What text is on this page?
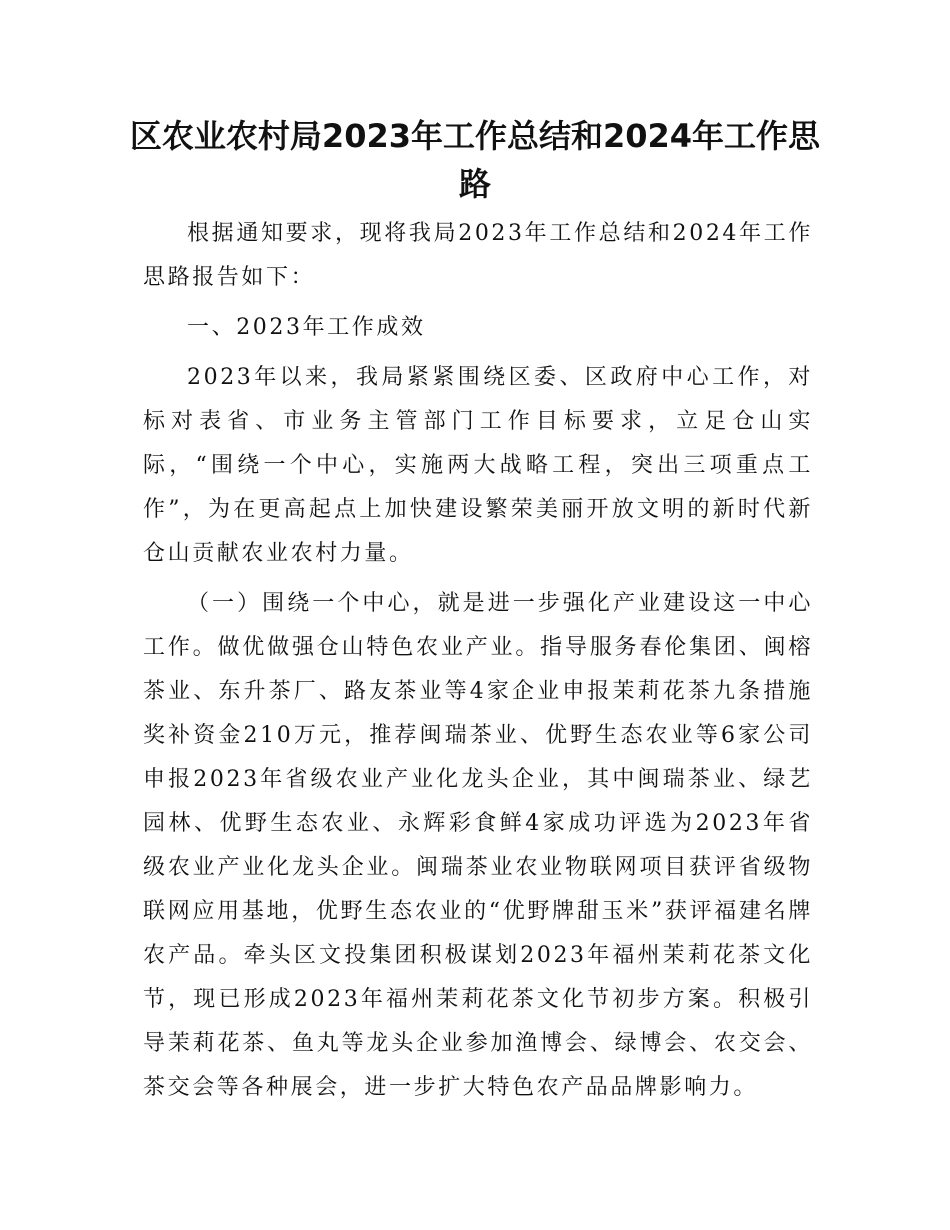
区农业农村局2023年工作总结和2024年工作思路

根据通知要求，现将我局2023年工作总结和2024年工作思路报告如下：

一、2023年工作成效

2023年以来，我局紧紧围绕区委、区政府中心工作，对标对表省、市业务主管部门工作目标要求，立足仓山实际，“围绕一个中心，实施两大战略工程，突出三项重点工作”，为在更高起点上加快建设繁荣美丽开放文明的新时代新仓山贡献农业农村力量。

（一）围绕一个中心，就是进一步强化产业建设这一中心工作。做优做强仓山特色农业产业。指导服务春伦集团、闽榕茶业、东升茶厂、路友茶业等4家企业申报茉莉花茶九条措施奖补资金210万元，推荐闽瑞茶业、优野生态农业等6家公司申报2023年省级农业产业化龙头企业，其中闽瑞茶业、绿艺园林、优野生态农业、永辉彩食鲜4家成功评选为2023年省级农业产业化龙头企业。闽瑞茶业农业物联网项目获评省级物联网应用基地，优野生态农业的“优野牌甜玉米”获评福建名牌农产品。牵头区文投集团积极谋划2023年福州茉莉花茶文化节，现已形成2023年福州茉莉花茶文化节初步方案。积极引导茉莉花茶、鱼丸等龙头企业参加渔博会、绿博会、农交会、茶交会等各种展会，进一步扩大特色农产品品牌影响力。
